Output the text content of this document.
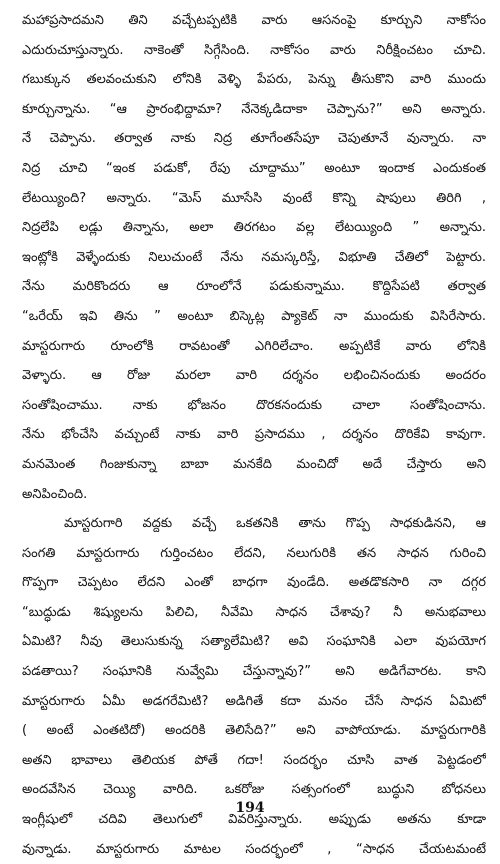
మహాప్రసాదమని తిని వచ్చేటప్పటికి వారు ఆసనంపై కూర్చుని నాకోసం
ఎదురుచూస్తున్నారు. నాకెంతో సిగ్గేసింది. నాకోసం వారు నిరీక్షించటం చూచి.
గబుక్కున తలవంచుకుని లోనికి వెళ్ళి పేపరు, పెన్ను తీసుకొని వారి ముందు
కూర్చున్నాను. “ఆ ప్రారంభిద్దామా? నేనెక్కడిదాకా చెప్పాను?” అని అన్నారు.
నే చెప్పాను. తర్వాత నాకు నిద్ర తూగేంతసేపూ చెపుతూనే వున్నారు. నా
నిద్ర చూచి “ఇంక పడుకో, రేపు చూద్దాము” అంటూ ఇందాక ఎందుకంత
లేటయ్యింది? అన్నారు. “మెస్ మూసేసి వుంటే కొన్ని షాపులు తిరిగి ,
నిద్రలేపి లడ్లు తిన్నాను, అలా తిరగటం వల్ల లేటయ్యింది ” అన్నాను.
ఇంట్లోకి వెళ్ళేందుకు నిలుచుంటే నేను నమస్కరిస్తే, విభూతి చేతిలో పెట్టారు.
నేను మరికొందరు ఆ రూంలోనే పడుకున్నాము. కొద్దిసేపటి తర్వాత
“ఒరేయ్ ఇవి తిను ” అంటూ బిస్కెట్ల ప్యాకెట్ నా ముందుకు విసిరేసారు.
మాస్టరుగారు రూంలోకి రావటంతో ఎగిరిలేచాం. అప్పటికే వారు లోనికి
వెళ్ళారు. ఆ రోజు మరలా వారి దర్శనం లభించినందుకు అందరం
సంతోషించాము. నాకు భోజనం దొరకనందుకు చాలా సంతోషించాను.
నేను భోంచేసి వచ్చుంటే నాకు వారి ప్రసాదము , దర్శనం దొరికేవి కావుగా.
మనమెంత గింజుకున్నా బాబా మనకేది మంచిదో అదే చేస్తారు అని
అనిపించింది.
మాస్టరుగారి వద్దకు వచ్చే ఒకతనికి తాను గొప్ప సాధకుడినని, ఆ
సంగతి మాస్టరుగారు గుర్తించటం లేదని, నలుగురికి తన సాధన గురించి
గొప్పగా చెప్పటం లేదని ఎంతో బాధగా వుండేది. అతడొకసారి నా దగ్గర
“బుద్ధుడు శిష్యులను పిలిచి, నీవేమి సాధన చేశావు? నీ అనుభవాలు
ఏమిటి? నీవు తెలుసుకున్న సత్యాలేమిటి? అవి సంఘానికి ఎలా వుపయోగ
పడతాయి? సంఘానికి నువ్వేమి చేస్తున్నావు?” అని అడిగేవారట. కాని
మాస్టరుగారు ఏమీ అడగరేమిటి? అడిగితే కదా మనం చేసే సాధన ఏమిటో
( అంటే ఎంతటిదో) అందరికి తెలిసేది?” అని వాపోయాడు. మాస్టరుగారికి
అతని భావాలు తెలియక పోతే గదా! సందర్భం చూసి వాత పెట్టడంలో
అందవేసిన చెయ్యి వారిది. ఒకరోజు సత్సంగంలో బుద్ధుని బోధనలు
ఇంగ్లీషులో చదివి తెలుగులో వివరిస్తున్నారు. అప్పుడు అతను కూడా
వున్నాడు. మాస్టరుగారు మాటల సందర్భంలో , “సాధన చేయటమంటే
194
